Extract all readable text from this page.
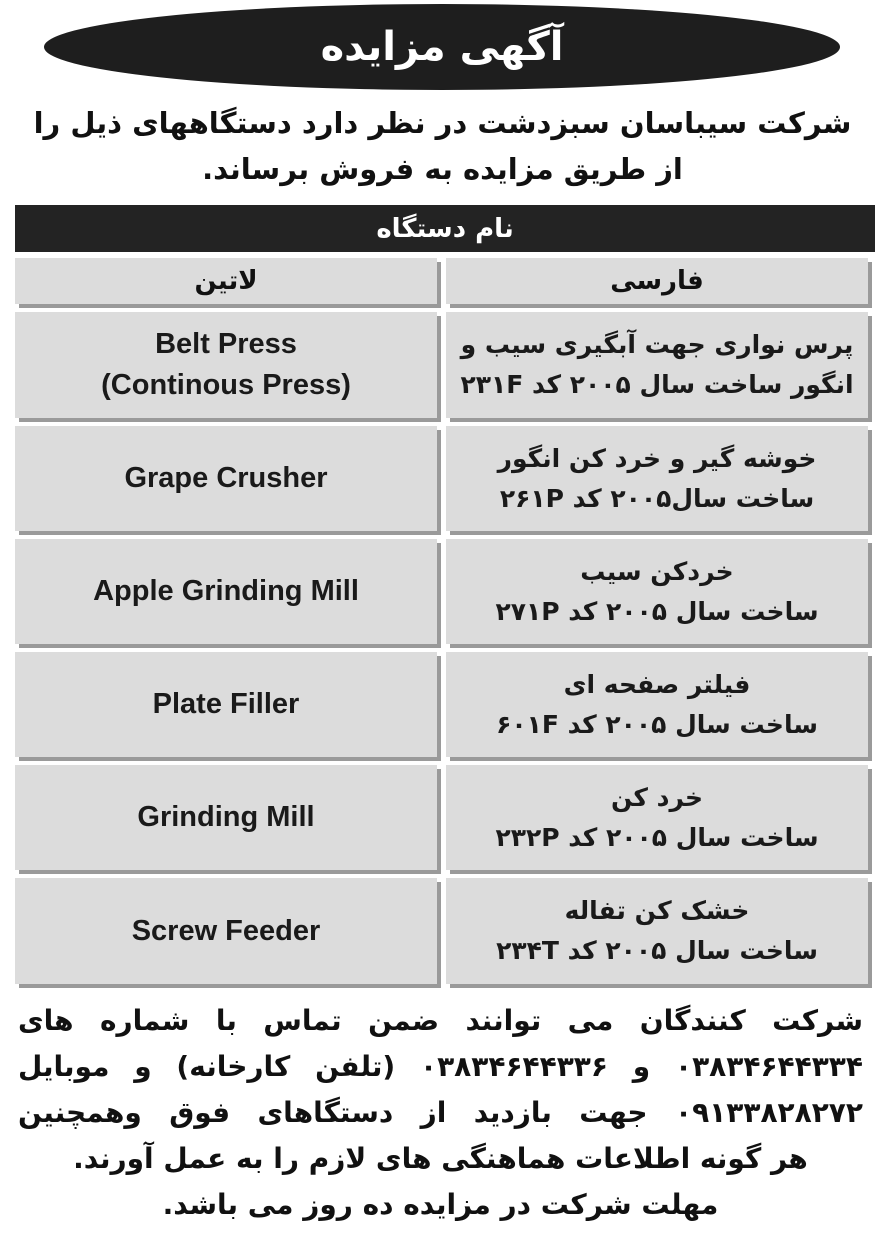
آگهی مزایده
شرکت سیباسان سبزدشت در نظر دارد دستگاههای ذیل را
از طریق مزایده به فروش برساند.
نام دستگاه
لاتین	فارسی
Belt Press
(Continous Press)
پرس نواری جهت آبگیری سیب و
انگور ساخت سال ۲۰۰۵ کد ۲۳۱F
Grape Crusher
خوشه گیر و خرد کن انگور
ساخت سال۲۰۰۵ کد ۲۶۱P
Apple Grinding Mill
خردکن سیب
ساخت سال ۲۰۰۵ کد ۲۷۱P
Plate Filler
فیلتر صفحه ای
ساخت سال ۲۰۰۵ کد ۶۰۱F
Grinding Mill
خرد کن
ساخت سال ۲۰۰۵ کد ۲۳۲P
Screw Feeder
خشک کن تفاله
ساخت سال ۲۰۰۵ کد ۲۳۴T
شرکت کنندگان می توانند ضمن تماس با شماره های
۰۳۸۳۴۶۴۴۳۳۴ و ۰۳۸۳۴۶۴۴۳۳۶ (تلفن کارخانه) و موبایل
۰۹۱۳۳۸۲۸۲۷۲ جهت بازدید از دستگاهای فوق وهمچنین
هر گونه اطلاعات هماهنگی های لازم را به عمل آورند.
مهلت شرکت در مزایده ده روز می باشد.
